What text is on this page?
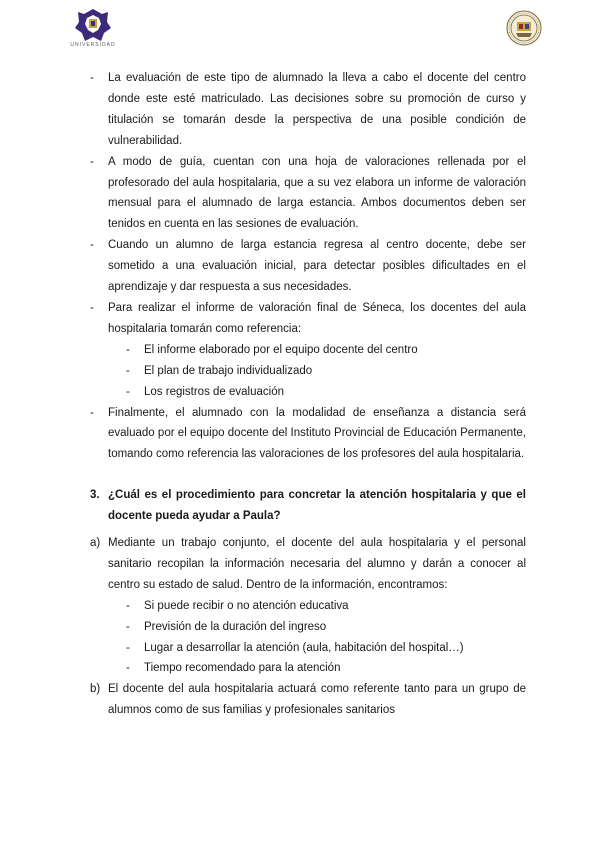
UNIVERSIDAD
- La evaluación de este tipo de alumnado la lleva a cabo el docente del centro donde este esté matriculado. Las decisiones sobre su promoción de curso y titulación se tomarán desde la perspectiva de una posible condición de vulnerabilidad.
- A modo de guía, cuentan con una hoja de valoraciones rellenada por el profesorado del aula hospitalaria, que a su vez elabora un informe de valoración mensual para el alumnado de larga estancia. Ambos documentos deben ser tenidos en cuenta en las sesiones de evaluación.
- Cuando un alumno de larga estancia regresa al centro docente, debe ser sometido a una evaluación inicial, para detectar posibles dificultades en el aprendizaje y dar respuesta a sus necesidades.
- Para realizar el informe de valoración final de Séneca, los docentes del aula hospitalaria tomarán como referencia:
- El informe elaborado por el equipo docente del centro
- El plan de trabajo individualizado
- Los registros de evaluación
- Finalmente, el alumnado con la modalidad de enseñanza a distancia será evaluado por el equipo docente del Instituto Provincial de Educación Permanente, tomando como referencia las valoraciones de los profesores del aula hospitalaria.
3. ¿Cuál es el procedimiento para concretar la atención hospitalaria y que el docente pueda ayudar a Paula?
a) Mediante un trabajo conjunto, el docente del aula hospitalaria y el personal sanitario recopilan la información necesaria del alumno y darán a conocer al centro su estado de salud. Dentro de la información, encontramos:
- Si puede recibir o no atención educativa
- Previsión de la duración del ingreso
- Lugar a desarrollar la atención (aula, habitación del hospital…)
- Tiempo recomendado para la atención
b) El docente del aula hospitalaria actuará como referente tanto para un grupo de alumnos como de sus familias y profesionales sanitarios
